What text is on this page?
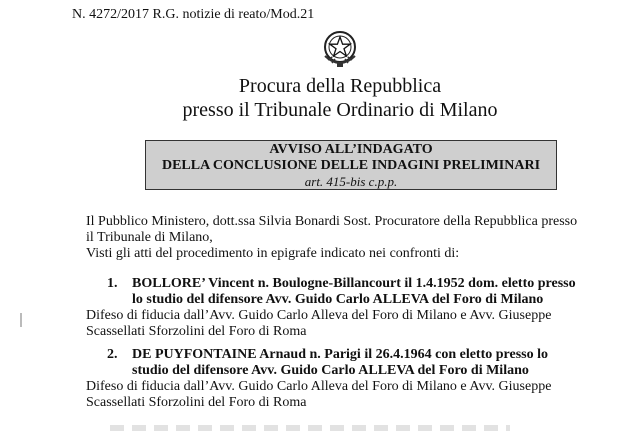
N. 4272/2017 R.G. notizie di reato/Mod.21
Procura della Repubblica
presso il Tribunale Ordinario di Milano
AVVISO ALL’INDAGATO
DELLA CONCLUSIONE DELLE INDAGINI PRELIMINARI
art. 415-bis c.p.p.
Il Pubblico Ministero, dott.ssa Silvia Bonardi Sost. Procuratore della Repubblica presso
il Tribunale di Milano,
Visti gli atti del procedimento in epigrafe indicato nei confronti di:
1.	BOLLORE’ Vincent n. Boulogne-Billancourt il 1.4.1952 dom. eletto presso
lo studio del difensore Avv. Guido Carlo ALLEVA del Foro di Milano
Difeso di fiducia dall’Avv. Guido Carlo Alleva del Foro di Milano e Avv. Giuseppe
Scassellati Sforzolini del Foro di Roma
2.	DE PUYFONTAINE Arnaud n. Parigi il 26.4.1964 con eletto presso lo
studio del difensore Avv. Guido Carlo ALLEVA del Foro di Milano
Difeso di fiducia dall’Avv. Guido Carlo Alleva del Foro di Milano e Avv. Giuseppe
Scassellati Sforzolini del Foro di Roma
